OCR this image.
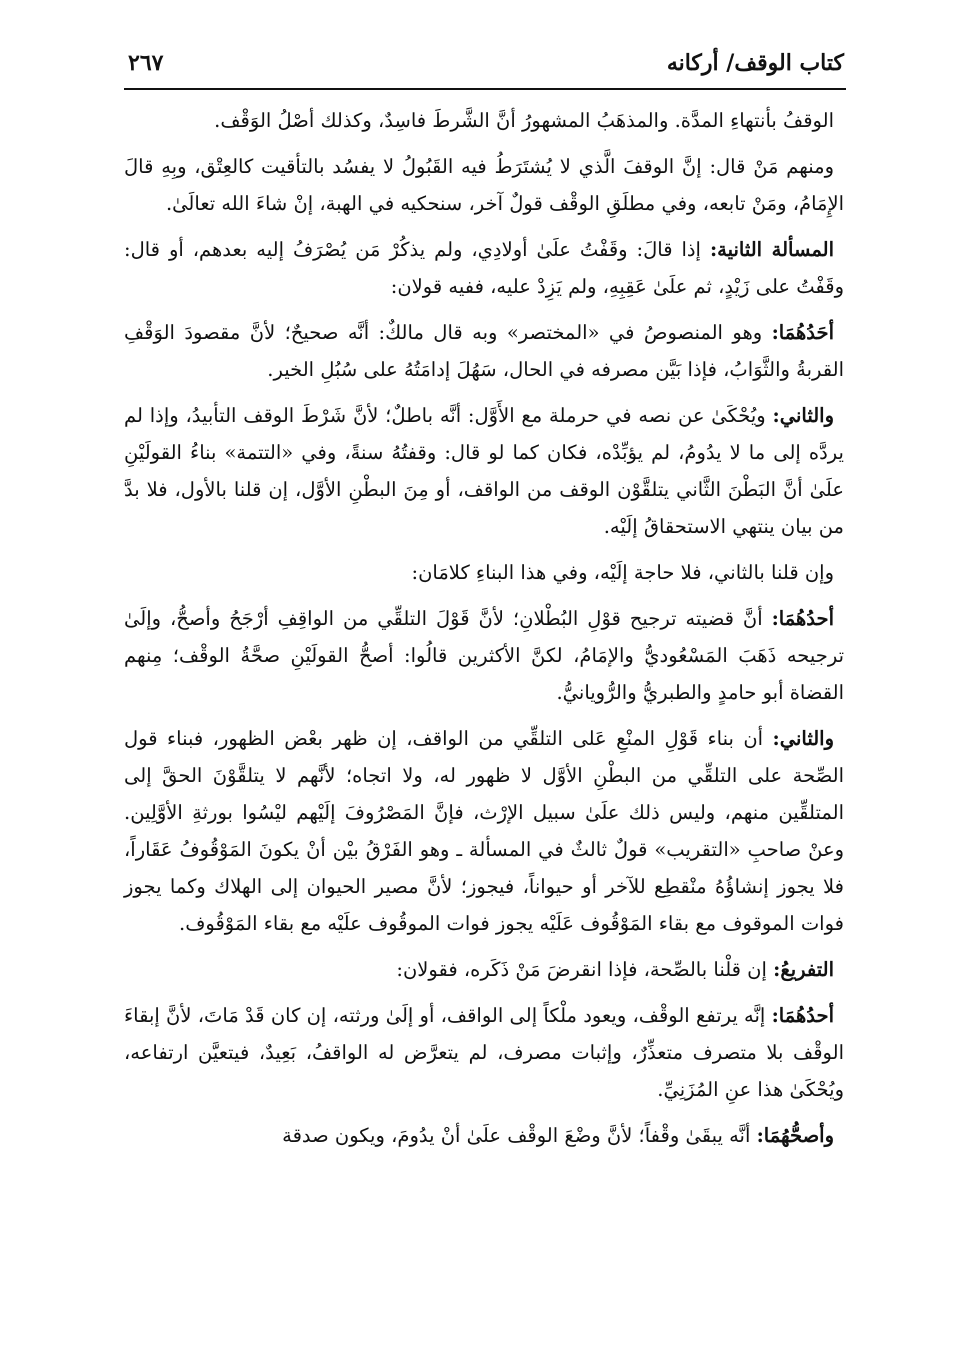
كتاب الوقف/ أركانه
٢٦٧

الوقفُ بأنتهاءِ المدَّة. والمذهَبُ المشهورُ أنَّ الشَّرطَ فاسِدٌ، وكذلك أصْلُ الوَقْف.

ومنهم مَنْ قال: إنَّ الوقفَ الَّذي لا يُشتَرَطُ فيه القَبُولُ لا يفسُد بالتأقيت كالعِتْق، وبِهِ قالَ الإِمَامُ، ومَنْ تابعه، وفي مطلَقِ الوقْف قولٌ آخر، سنحكيه في الهبة، إنْ شاءَ الله تعالَىٰ.

المسألة الثانية: إذا قالَ: وقَفْتُ علَىٰ أولادِي، ولم يذكُرْ مَن يُصْرَفُ إليه بعدهم، أو قال: وقَفْتُ على زَيْدٍ، ثم علَىٰ عَقِبِهِ، ولم يَزِدْ عليه، ففيه قولان:

أحَدُهُمَا: وهو المنصوصُ في «المختصر» وبه قال مالكٌ: أنَّه صحيحٌ؛ لأنَّ مقصودَ الوَقْفِ القربةُ والثَّوَابُ، فإذا بَيَّن مصرفه في الحال، سَهُلَ إدامَتُهُ على سُبُلِ الخير.

والثاني: ويُحْكَىٰ عن نصه في حرملة مع الأَوَّل: أنَّه باطلٌ؛ لأنَّ شَرْطَ الوقف التأبيدُ، وإذا لم يردَّه إلى ما لا يدُومُ، لم يؤبِّدْه، فكان كما لو قال: وقفتُهُ سنةً، وفي «التتمة» بناءُ القولَيْنِ علَىٰ أنَّ البَطْنَ الثَّاني يتلقَّوْن الوقف من الواقف، أو مِنَ البطْنِ الأوَّل، إن قلنا بالأول، فلا بدَّ من بيان ينتهي الاستحقاقُ إلَيْه.

وإن قلنا بالثاني، فلا حاجة إلَيْه، وفي هذا البناءِ كلامَان:

أحدُهُمَا: أنَّ قضيته ترجيح قوْلِ البُطْلانِ؛ لأنَّ قَوْلَ التلقِّي من الواقِفِ أرْجَحُ وأصحُّ، وإلَىٰ ترجيحه ذَهَبَ المَسْعُوديُّ والإمَامُ، لكنَّ الأكثرين قالُوا: أصحُّ القولَيْنِ صحَّةُ الوقْف؛ مِنهم القضاة أبو حامدٍ والطبريُّ والرُّويانيُّ.

والثاني: أن بناء قَوْلِ المنْعِ عَلى التلقِّي من الواقف، إن ظهر بعْض الظهور، فبناء قول الصِّحة على التلقِّي من البطْنِ الأوَّل لا ظهور له، ولا اتجاه؛ لأنَّهم لا يتلقَّوْنَ الحقَّ إلى المتلقِّين منهم، وليس ذلك علَىٰ سبيل الإرْث، فإنَّ المَصْرُوفَ إلَيْهم ليْسُوا بورثةِ الأوَّلِين. وعنْ صاحبِ «التقريب» قولٌ ثالثٌ في المسألة ـ وهو الفَرْقُ بيْن أنْ يكونَ المَوْقُوفُ عَقَاراً، فلا يجوز إنشاؤُهُ منْقطِع للآخر أو حيواناً، فيجوز؛ لأنَّ مصير الحيوان إلى الهلاك وكما يجوز فوات الموقوف مع بقاء المَوْقُوف عَلَيْه يجوز فوات الموقُوف علَيْه مع بقاء المَوْقُوف.

التفريعُ: إن قلْنا بالصِّحة، فإذا انقرضَ مَنْ ذَكَره، فقولان:

أحدُهُمَا: إنَّه يرتفع الوقْف، ويعود ملْكاً إلى الواقف، أو إلَىٰ ورثته، إن كان قَدْ مَاتَ، لأنَّ إبقاءَ الوقْف بلا متصرف متعذِّرٌ، وإثبات مصرف، لم يتعرَّض له الواقفُ، بَعِيدٌ، فيتعيَّن ارتفاعه، ويُحْكَىٰ هذا عنِ المُزَنِيِّ.

وأصحُّهُمَا: أنَّه يبقَىٰ وقْفاً؛ لأنَّ وضْعَ الوقْف علَىٰ أنْ يدُومَ، ويكون صدقة
